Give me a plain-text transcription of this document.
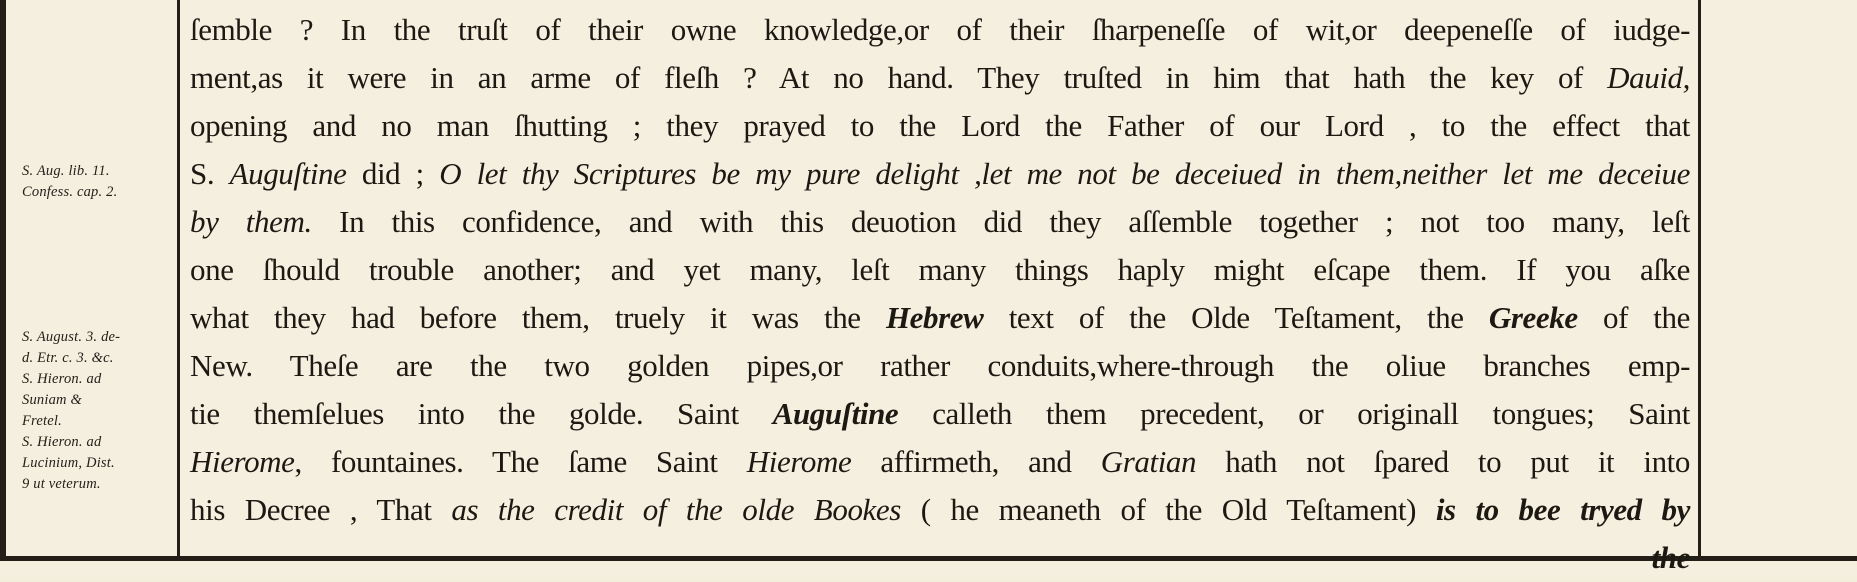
S. Aug. lib. 11.
Confess. cap. 2.
S. August. 3. de-
d. Etr. c. 3. &c.
S. Hieron. ad
Suniam &
Fretel.
S. Hieron. ad
Lucinium, Dist.
9 ut veterum.
ſemble ? In the truſt of their owne knowledge,or of their ſharpeneſſe of wit,or deepeneſſe of iudge-
ment,as it were in an arme of fleſh ? At no hand. They truſted in him that hath the key of Dauid,
opening and no man ſhutting ; they prayed to the Lord the Father of our Lord , to the effect that
S. Auguſtine did ; O let thy Scriptures be my pure delight ,let me not be deceiued in them,neither let me deceiue
by them. In this confidence, and with this deuotion did they aſſemble together ; not too many, leſt
one ſhould trouble another; and yet many, leſt many things haply might eſcape them. If you aſke
what they had before them, truely it was the Hebrew text of the Olde Teſtament, the Greeke of the
New. Theſe are the two golden pipes,or rather conduits,where-through the oliue branches emp-
tie themſelues into the golde. Saint Auguſtine calleth them precedent, or originall tongues; Saint
Hierome, fountaines. The ſame Saint Hierome affirmeth, and Gratian hath not ſpared to put it into
his Decree , That as the credit of the olde Bookes ( he meaneth of the Old Teſtament) is to bee tryed by
the
